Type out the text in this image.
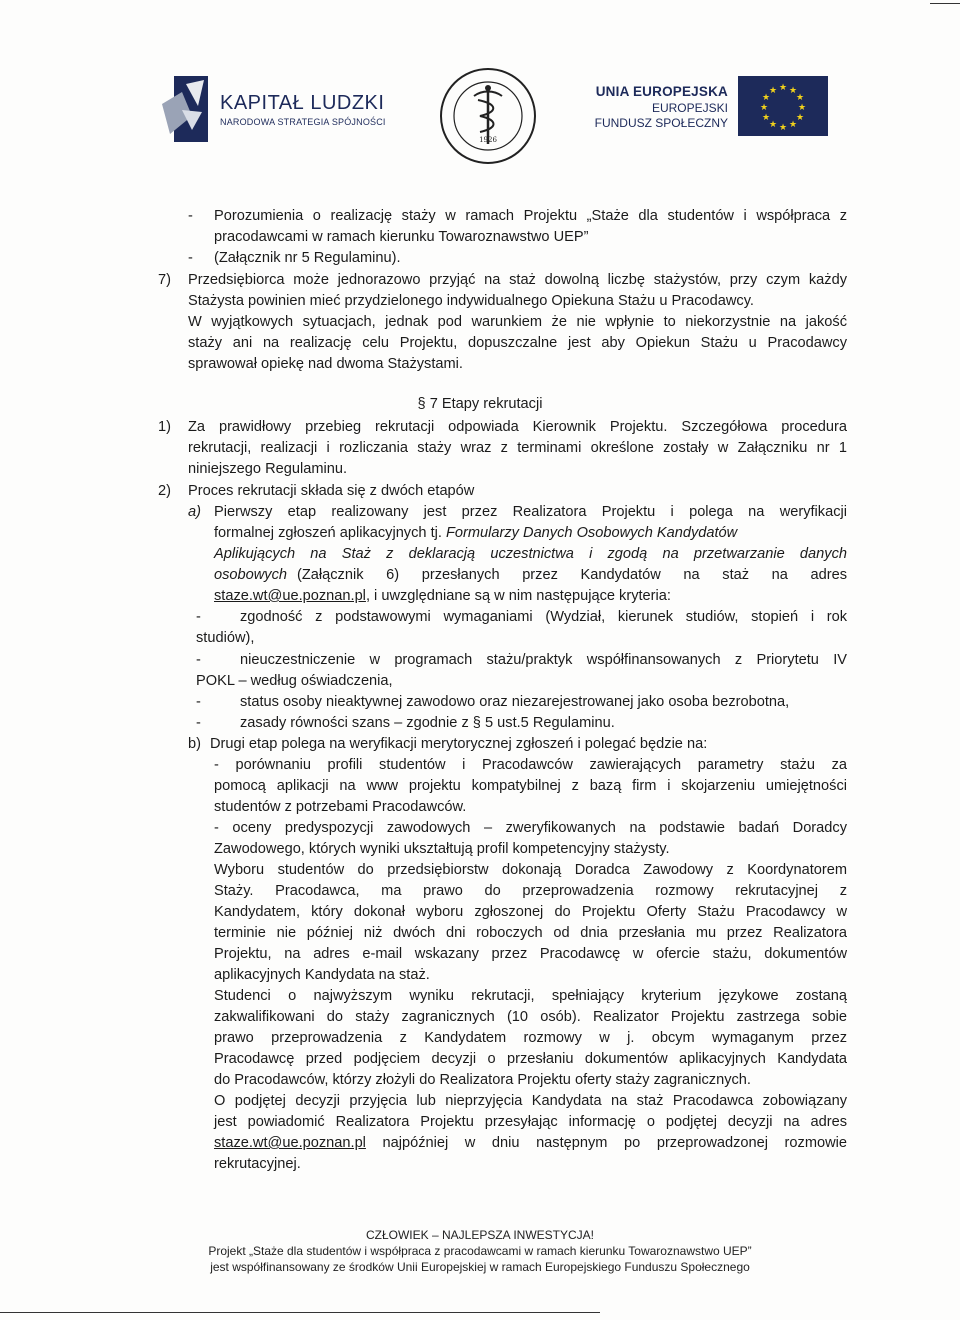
KAPITAŁ LUDZKI
NARODOWA STRATEGIA SPÓJNOŚCI
1926
UNIA EUROPEJSKA
EUROPEJSKI
FUNDUSZ SPOŁECZNY
★ ★
★
★
★
★
★
★
★
★
★
★
- Porozumienia o realizację staży w ramach Projektu „Staże dla studentów i współpraca z
pracodawcami w ramach kierunku Towaroznawstwo UEP”
- (Załącznik nr 5 Regulaminu).
7) Przedsiębiorca może jednorazowo przyjąć na staż dowolną liczbę stażystów, przy czym każdy
Stażysta powinien mieć przydzielonego indywidualnego Opiekuna Stażu u Pracodawcy.
W wyjątkowych sytuacjach, jednak pod warunkiem że nie wpłynie to niekorzystnie na jakość
staży ani na realizację celu Projektu, dopuszczalne jest aby Opiekun Stażu u Pracodawcy
sprawował opiekę nad dwoma Stażystami.
§ 7 Etapy rekrutacji
1) Za prawidłowy przebieg rekrutacji odpowiada Kierownik Projektu. Szczegółowa procedura
rekrutacji, realizacji i rozliczania staży wraz z terminami określone zostały w Załączniku nr 1
niniejszego Regulaminu.
2) Proces rekrutacji składa się z dwóch etapów
a) Pierwszy etap realizowany jest przez Realizatora Projektu i polega na weryfikacji
formalnej zgłoszeń aplikacyjnych tj. Formularzy Danych Osobowych Kandydatów
Aplikujących na Staż z deklaracją uczestnictwa i zgodą na przetwarzanie danych
osobowych (Załącznik 6) przesłanych przez Kandydatów na staż na adres
staze.wt@ue.poznan.pl, i uwzględniane są w nim następujące kryteria:
-	zgodność z podstawowymi wymaganiami (Wydział, kierunek studiów, stopień i rok
studiów),
-	nieuczestniczenie w programach stażu/praktyk współfinansowanych z Priorytetu IV
POKL – według oświadczenia,
-	status osoby nieaktywnej zawodowo oraz niezarejestrowanej jako osoba bezrobotna,
-	zasady równości szans – zgodnie z § 5 ust.5 Regulaminu.
b) Drugi etap polega na weryfikacji merytorycznej zgłoszeń i polegać będzie na:
- porównaniu profili studentów i Pracodawców zawierających parametry stażu za
pomocą aplikacji na www projektu kompatybilnej z bazą firm i skojarzeniu umiejętności
studentów z potrzebami Pracodawców.
- oceny predyspozycji zawodowych – zweryfikowanych na podstawie badań Doradcy
Zawodowego, których wyniki ukształtują profil kompetencyjny stażysty.
Wyboru studentów do przedsiębiorstw dokonają Doradca Zawodowy z Koordynatorem
Staży. Pracodawca, ma prawo do przeprowadzenia rozmowy rekrutacyjnej z
Kandydatem, który dokonał wyboru zgłoszonej do Projektu Oferty Stażu Pracodawcy w
terminie nie później niż dwóch dni roboczych od dnia przesłania mu przez Realizatora
Projektu, na adres e-mail wskazany przez Pracodawcę w ofercie stażu, dokumentów
aplikacyjnych Kandydata na staż.
Studenci o najwyższym wyniku rekrutacji, spełniający kryterium językowe zostaną
zakwalifikowani do staży zagranicznych (10 osób). Realizator Projektu zastrzega sobie
prawo przeprowadzenia z Kandydatem rozmowy w j. obcym wymaganym przez
Pracodawcę przed podjęciem decyzji o przesłaniu dokumentów aplikacyjnych Kandydata
do Pracodawców, którzy złożyli do Realizatora Projektu oferty staży zagranicznych.
O podjętej decyzji przyjęcia lub nieprzyjęcia Kandydata na staż Pracodawca zobowiązany
jest powiadomić Realizatora Projektu przesyłając informację o podjętej decyzji na adres
staze.wt@ue.poznan.pl najpóźniej w dniu następnym po przeprowadzonej rozmowie
rekrutacyjnej.
CZŁOWIEK – NAJLEPSZA INWESTYCJA!
Projekt „Staże dla studentów i współpraca z pracodawcami w ramach kierunku Towaroznawstwo UEP”
jest współfinansowany ze środków Unii Europejskiej w ramach Europejskiego Funduszu Społecznego
